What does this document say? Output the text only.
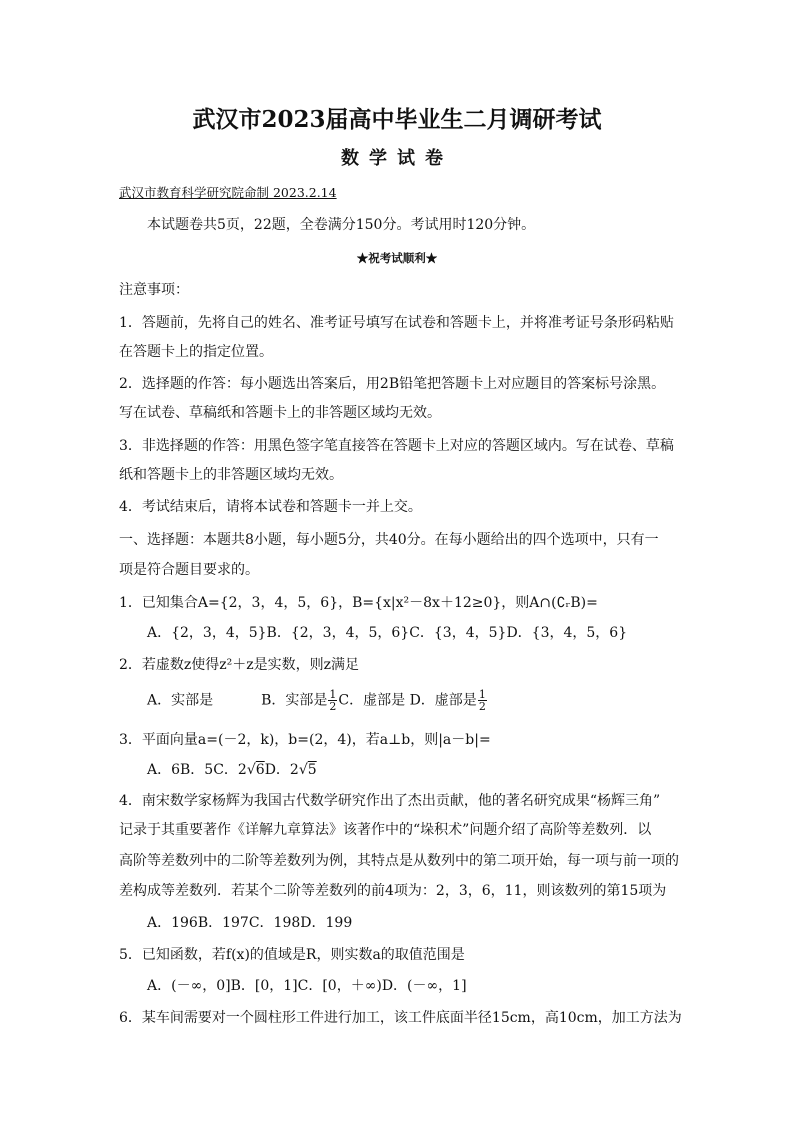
武汉市2023届高中毕业生二月调研考试
数学试卷
武汉市教育科学研究院命制 2023.2.14
本试题卷共5页，22题，全卷满分150分。考试用时120分钟。
★祝考试顺利★
注意事项：
1．答题前，先将自己的姓名、准考证号填写在试卷和答题卡上，并将准考证号条形码粘贴
在答题卡上的指定位置。
2．选择题的作答：每小题选出答案后，用2B铅笔把答题卡上对应题目的答案标号涂黑。
写在试卷、草稿纸和答题卡上的非答题区域均无效。
3．非选择题的作答：用黑色签字笔直接答在答题卡上对应的答题区域内。写在试卷、草稿
纸和答题卡上的非答题区域均无效。
4．考试结束后，请将本试卷和答题卡一并上交。
一、选择题：本题共8小题，每小题5分，共40分。在每小题给出的四个选项中，只有一
项是符合题目要求的。
1．已知集合A={2，3，4，5，6}，B={x|x²－8x＋12≥0}，则A∩(∁ᵣB)=
A．{2，3，4，5}B．{2，3，4，5，6}C．{3，4，5}D．{3，4，5，6}
2．若虚数z使得z²＋z是实数，则z满足
A．实部是	B．实部是 $\frac{1}{2}$ C．虚部是 D．虚部是 $\frac{1}{2}$
3．平面向量a=(－2，k)，b=(2，4)，若a⊥b，则|a－b|=
A．6B．5C．2√6D．2√5
4．南宋数学家杨辉为我国古代数学研究作出了杰出贡献，他的著名研究成果“杨辉三角”
记录于其重要著作《详解九章算法》该著作中的“垛积术”问题介绍了高阶等差数列．以
高阶等差数列中的二阶等差数列为例，其特点是从数列中的第二项开始，每一项与前一项的
差构成等差数列．若某个二阶等差数列的前4项为：2，3，6，11，则该数列的第15项为
A．196B．197C．198D．199
5．已知函数，若f(x)的值域是R，则实数a的取值范围是
A．(－∞，0]B．[0，1]C．[0，＋∞)D．(－∞，1]
6．某车间需要对一个圆柱形工件进行加工，该工件底面半径15cm，高10cm，加工方法为
